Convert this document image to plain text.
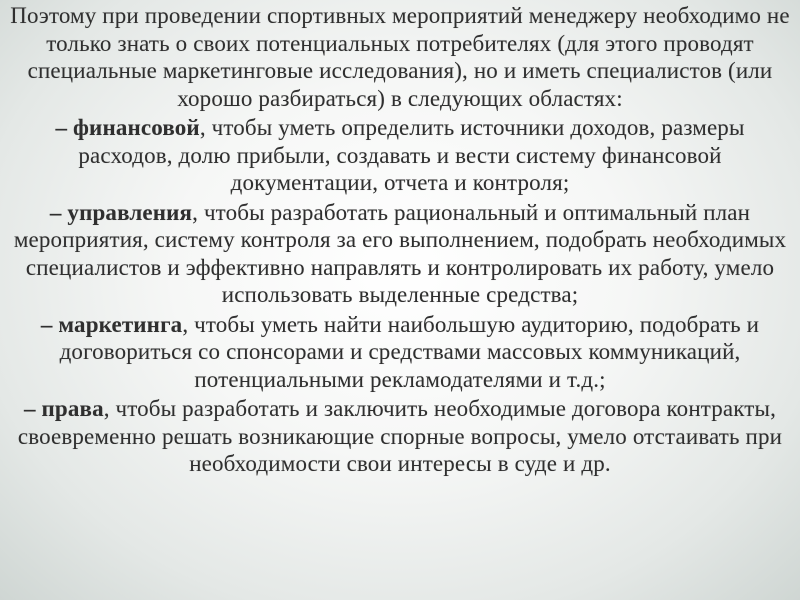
Поэтому при проведении спортивных мероприятий менеджеру необходимо не только знать о своих потенциальных потребителях (для этого проводят специальные маркетинговые исследования), но и иметь специалистов (или хорошо разбираться) в следующих областях:

– финансовой, чтобы уметь определить источники доходов, размеры расходов, долю прибыли, создавать и вести систему финансовой документации, отчета и контроля;

– управления, чтобы разработать рациональный и оптимальный план мероприятия, систему контроля за его выполнением, подобрать необходимых специалистов и эффективно направлять и контролировать их работу, умело использовать выделенные средства;

– маркетинга, чтобы уметь найти наибольшую аудиторию, подобрать и договориться со спонсорами и средствами массовых коммуникаций, потенциальными рекламодателями и т.д.;

– права, чтобы разработать и заключить необходимые договора контракты, своевременно решать возникающие спорные вопросы, умело отстаивать при необходимости свои интересы в суде и др.
